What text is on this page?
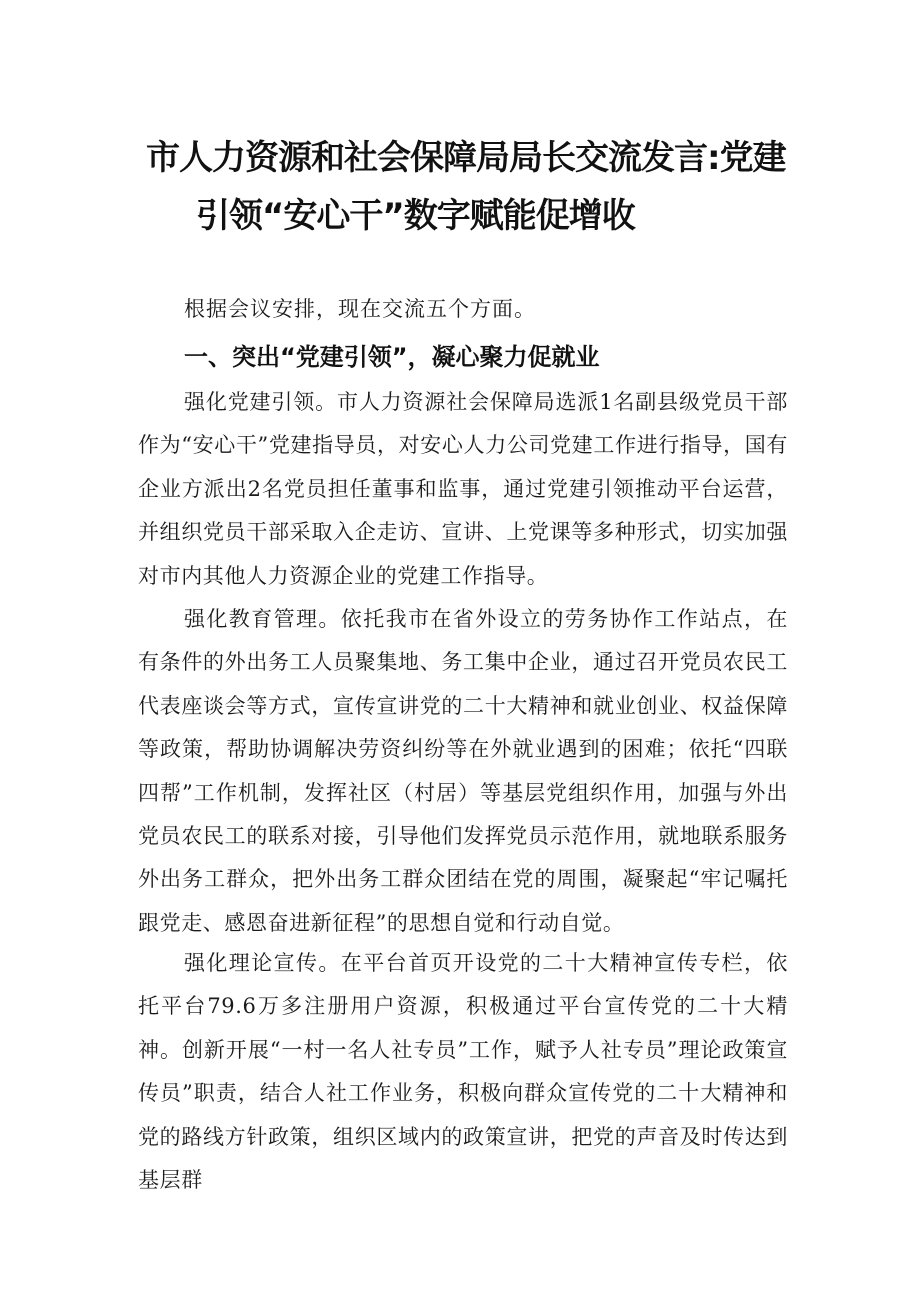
市人力资源和社会保障局局长交流发言:党建
引领“安心干”数字赋能促增收

根据会议安排，现在交流五个方面。

一、突出“党建引领”，凝心聚力促就业

强化党建引领。市人力资源社会保障局选派1名副县级党员干部作为“安心干”党建指导员，对安心人力公司党建工作进行指导，国有企业方派出2名党员担任董事和监事，通过党建引领推动平台运营，并组织党员干部采取入企走访、宣讲、上党课等多种形式，切实加强对市内其他人力资源企业的党建工作指导。

强化教育管理。依托我市在省外设立的劳务协作工作站点，在有条件的外出务工人员聚集地、务工集中企业，通过召开党员农民工代表座谈会等方式，宣传宣讲党的二十大精神和就业创业、权益保障等政策，帮助协调解决劳资纠纷等在外就业遇到的困难；依托“四联四帮”工作机制，发挥社区（村居）等基层党组织作用，加强与外出党员农民工的联系对接，引导他们发挥党员示范作用，就地联系服务外出务工群众，把外出务工群众团结在党的周围，凝聚起“牢记嘱托跟党走、感恩奋进新征程”的思想自觉和行动自觉。

强化理论宣传。在平台首页开设党的二十大精神宣传专栏，依托平台79.6万多注册用户资源，积极通过平台宣传党的二十大精神。创新开展“一村一名人社专员”工作，赋予人社专员”理论政策宣传员”职责，结合人社工作业务，积极向群众宣传党的二十大精神和党的路线方针政策，组织区域内的政策宣讲，把党的声音及时传达到基层群
